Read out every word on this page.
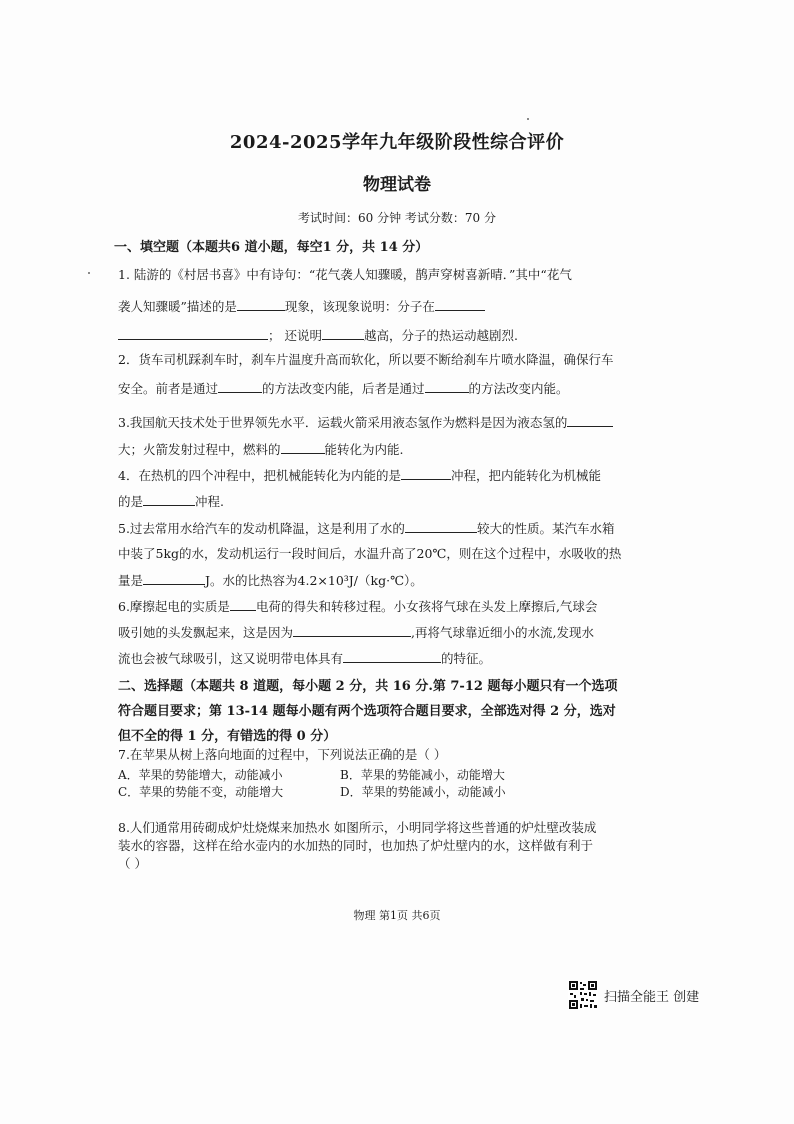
2024-2025学年九年级阶段性综合评价
物理试卷
考试时间：60 分钟 考试分数：70 分
一、填空题（本题共6 道小题，每空1 分，共 14 分）
1. 陆游的《村居书喜》中有诗句：“花气袭人知骤暖，鹊声穿树喜新晴．”其中“花气
袭人知骤暖”描述的是	现象，该现象说明：分子在
； 还说明	越高，分子的热运动越剧烈.
2．货车司机踩刹车时，刹车片温度升高而软化，所以要不断给刹车片喷水降温，确保行车
安全。前者是通过	的方法改变内能，后者是通过	的方法改变内能。
3.我国航天技术处于世界领先水平．运载火箭采用液态氢作为燃料是因为液态氢的
大；火箭发射过程中，燃料的	能转化为内能.
4．在热机的四个冲程中，把机械能转化为内能的是	冲程，把内能转化为机械能
的是	冲程.
5.过去常用水给汽车的发动机降温，这是利用了水的	较大的性质。某汽车水箱
中装了5kg的水，发动机运行一段时间后，水温升高了20℃，则在这个过程中，水吸收的热
量是	J。水的比热容为4.2×10³J/（kg·℃）。
6.摩擦起电的实质是 电荷的得失和转移过程。小女孩将气球在头发上摩擦后,气球会
吸引她的头发飘起来，这是因为	,再将气球靠近细小的水流,发现水
流也会被气球吸引，这又说明带电体具有	的特征。
二、选择题（本题共 8 道题，每小题 2 分，共 16 分.第 7-12 题每小题只有一个选项
符合题目要求；第 13-14 题每小题有两个选项符合题目要求，全部选对得 2 分，选对
但不全的得 1 分，有错选的得 0 分）
7.在苹果从树上落向地面的过程中，下列说法正确的是（ ）
A．苹果的势能增大，动能减小	B．苹果的势能减小，动能增大
C．苹果的势能不变，动能增大	D．苹果的势能减小，动能减小
8.人们通常用砖砌成炉灶烧煤来加热水 如图所示，小明同学将这些普通的炉灶壁改装成
装水的容器，这样在给水壶内的水加热的同时，也加热了炉灶壁内的水，这样做有利于
（ ）
物理 第1页 共6页
扫描全能王 创建
